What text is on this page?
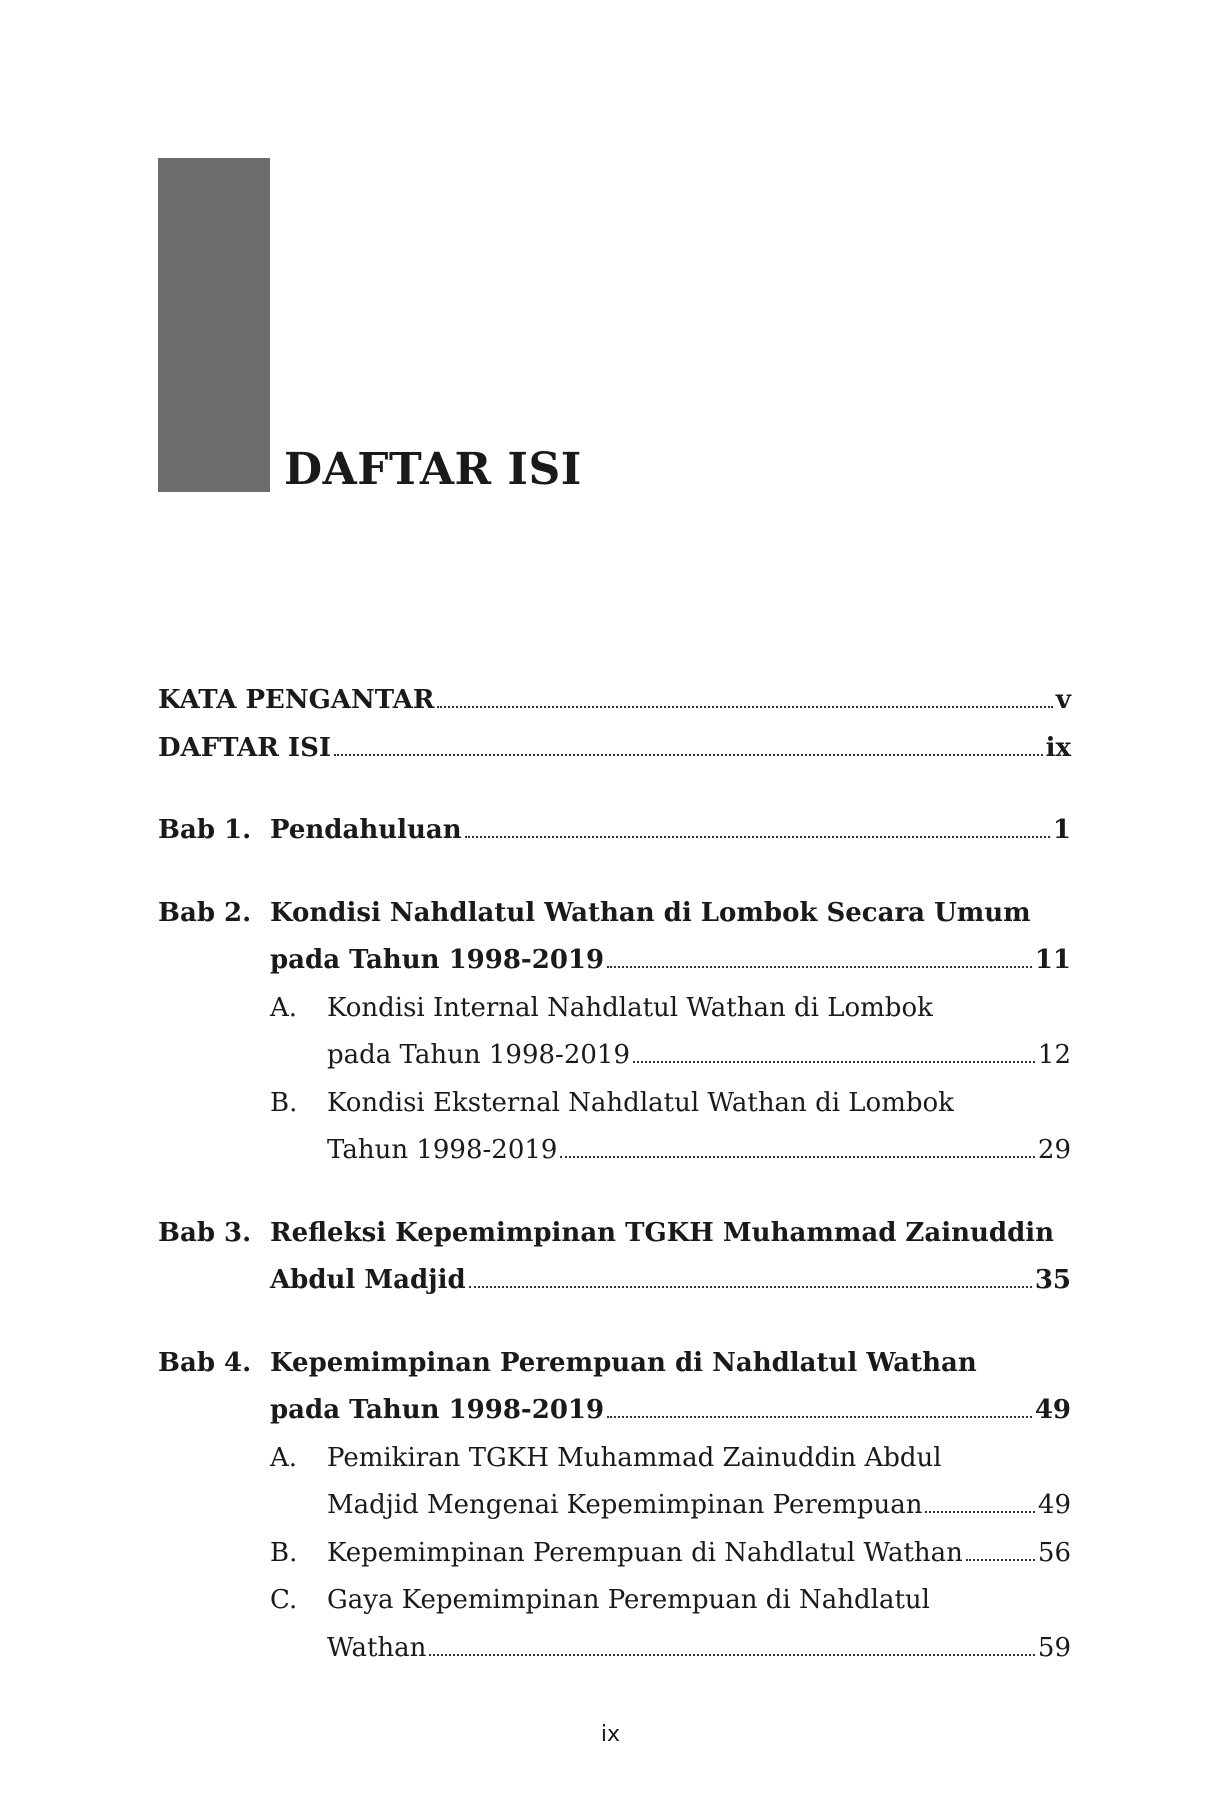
DAFTAR ISI
KATA PENGANTAR	v
DAFTAR ISI	ix
Bab 1. Pendahuluan	1
Bab 2. Kondisi Nahdlatul Wathan di Lombok Secara Umum
pada Tahun 1998-2019	11
A.	Kondisi Internal Nahdlatul Wathan di Lombok
pada Tahun 1998-2019	12
B.	Kondisi Eksternal Nahdlatul Wathan di Lombok
Tahun 1998-2019	29
Bab 3. Refleksi Kepemimpinan TGKH Muhammad Zainuddin
Abdul Madjid	35
Bab 4. Kepemimpinan Perempuan di Nahdlatul Wathan
pada Tahun 1998-2019	49
A.	Pemikiran TGKH Muhammad Zainuddin Abdul
Madjid Mengenai Kepemimpinan Perempuan	49
B.	Kepemimpinan Perempuan di Nahdlatul Wathan	56
C.	Gaya Kepemimpinan Perempuan di Nahdlatul
Wathan	59
ix
